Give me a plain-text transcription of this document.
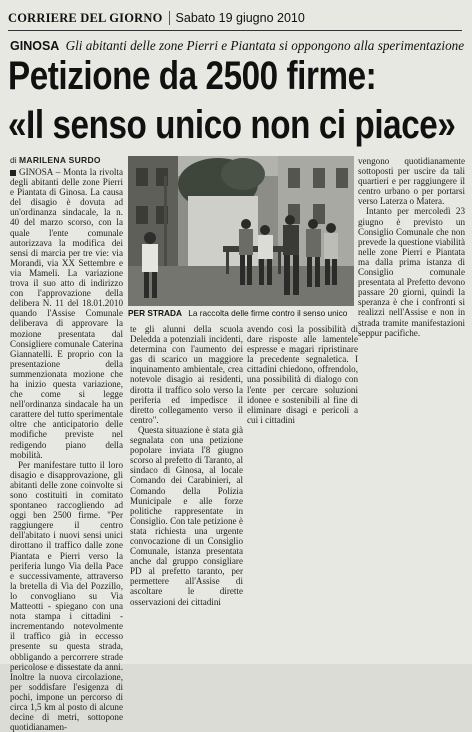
CORRIERE DEL GIORNO Sabato 19 giugno 2010
GINOSA Gli abitanti delle zone Pierri e Piantata si oppongono alla sperimentazione
Petizione da 2500 firme:
«Il senso unico non ci piace»
di MARILENA SURDO

GINOSA – Monta la rivolta degli abitanti delle zone Pierri e Piantata di Ginosa. La causa del disagio è dovuta ad un'ordinanza sindacale, la n. 40 del marzo scorso, con la quale l'ente comunale autorizzava la modifica dei sensi di marcia per tre vie: via Morandi, via XX Settembre e via Mameli. La variazione trova il suo atto di indirizzo con l'approvazione della delibera N. 11 del 18.01.2010 quando l'Assise Comunale deliberava di approvare la mozione presentata dal Consigliere comunale Caterina Giannatelli. E proprio con la presentazione della summenzionata mozione che ha inizio questa variazione, che come si legge nell'ordinanza sindacale ha un carattere del tutto sperimentale oltre che anticipatorio delle modifiche previste nel redigendo piano della mobilità.

Per manifestare tutto il loro disagio e disapprovazione, gli abitanti delle zone coinvolte si sono costituiti in comitato spontaneo raccogliendo ad oggi ben 2500 firme. "Per raggiungere il centro dell'abitato i nuovi sensi unici dirottano il traffico dalle zone Piantata e Pierri verso la periferia lungo Via della Pace e successivamente, attraverso la bretella di Via del Pozzillo, lo convogliano su Via Matteotti - spiegano con una nota stampa i cittadini - incrementando notevolmente il traffico già in eccesso presente su questa strada, obbligando a percorrere strade pericolose e dissestate da anni. Inoltre la nuova circolazione, per soddisfare l'esigenza di pochi, impone un percorso di circa 1,5 km al posto di alcune decine di metri, sottopone quotidianamen-

PER STRADA La raccolta delle firme contro il senso unico

te gli alunni della scuola Deledda a potenziali incidenti, determina con l'aumento dei gas di scarico un maggiore inquinamento ambientale, crea notevole disagio ai residenti, dirotta il traffico solo verso la periferia ed impedisce il diretto collegamento verso il centro".

Questa situazione è stata già segnalata con una petizione popolare inviata l'8 giugno scorso al prefetto di Taranto, al sindaco di Ginosa, al locale Comando dei Carabinieri, al Comando della Polizia Municipale e alle forze politiche rappresentate in Consiglio. Con tale petizione è stata richiesta una urgente convocazione di un Consiglio Comunale, istanza presentata anche dal gruppo consigliare PD al prefetto taranto, per permettere all'Assise di ascoltare le dirette osservazioni dei cittadini

avendo così la possibilità di dare risposte alle lamentele espresse e magari ripristinare la precedente segnaletica. I cittadini chiedono, offrendolo, una possibilità di dialogo con l'ente per cercare soluzioni idonee e sostenibili al fine di eliminare disagi e pericoli a cui i cittadini

vengono quotidianamente sottoposti per uscire da tali quartieri e per raggiungere il centro urbano o per portarsi verso Laterza o Matera.

Intanto per mercoledì 23 giugno è previsto un Consiglio Comunale che non prevede la questione viabilità nelle zone Pierri e Piantata ma dalla prima istanza di Consiglio comunale presentata al Prefetto devono passare 20 giorni, quindi la speranza è che i confronti si realizzi nell'Assise e non in strada tramite manifestazioni seppur pacifiche.
